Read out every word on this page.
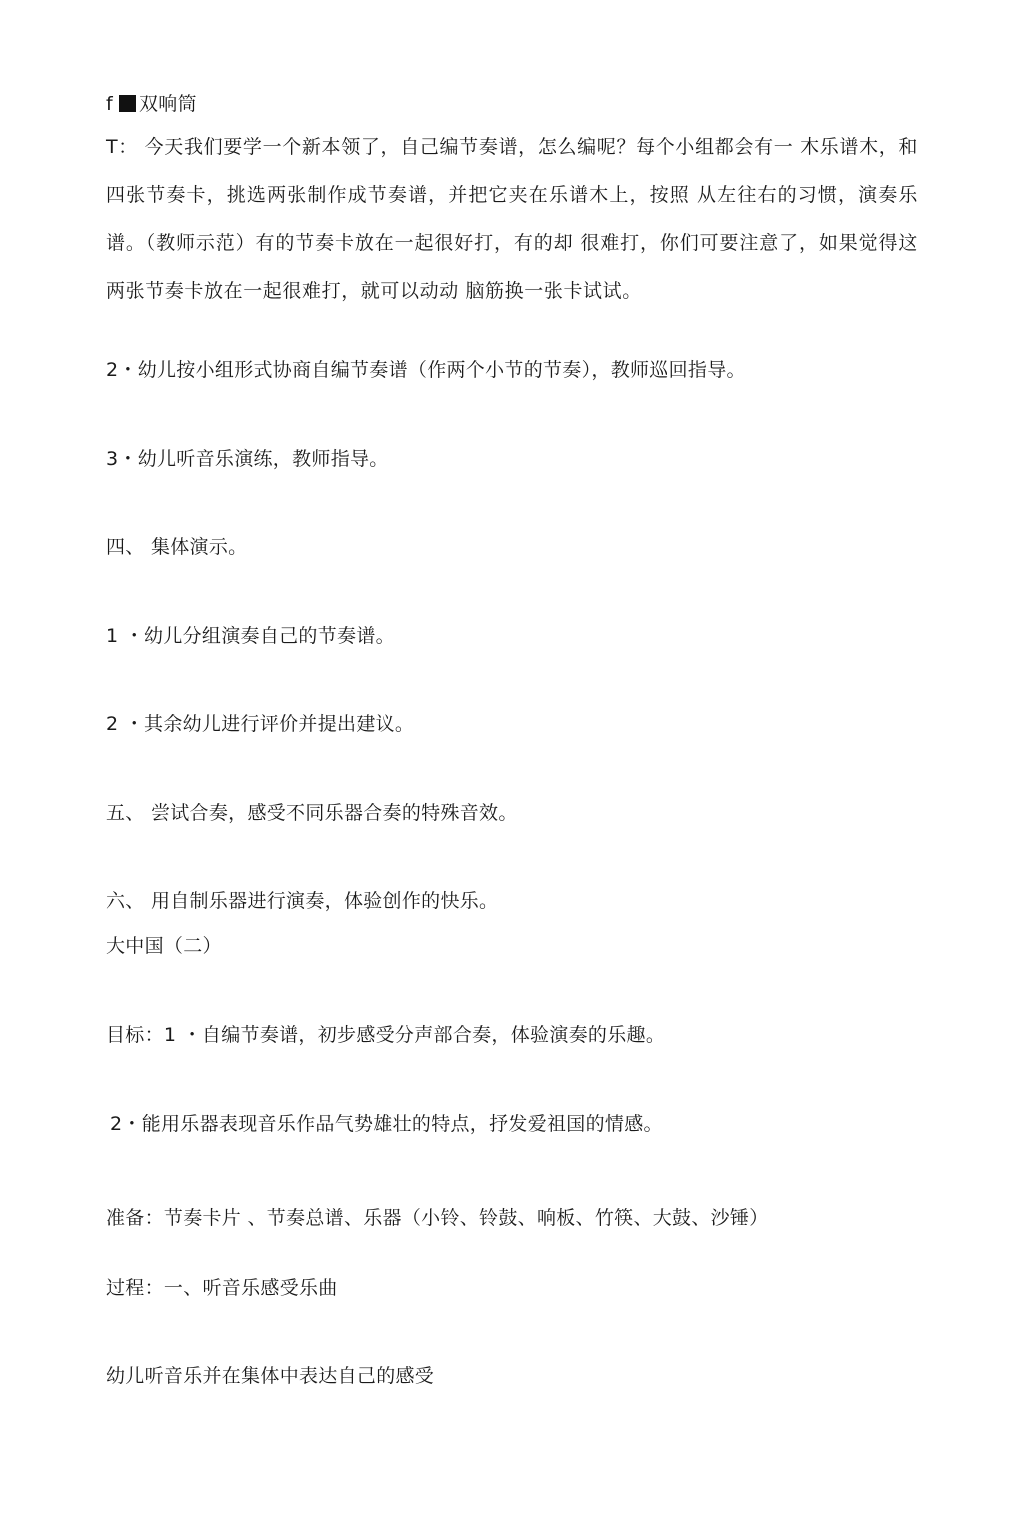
f 双响筒
T： 今天我们要学一个新本领了，自己编节奏谱，怎么编呢？每个小组都会有一 木乐谱木，和四张节奏卡，挑选两张制作成节奏谱，并把它夹在乐谱木上，按照 从左往右的习惯，演奏乐谱。（教师示范）有的节奏卡放在一起很好打，有的却 很难打，你们可要注意了，如果觉得这两张节奏卡放在一起很难打，就可以动动 脑筋换一张卡试试。
2・幼儿按小组形式协商自编节奏谱（作两个小节的节奏），教师巡回指导。
3・幼儿听音乐演练，教师指导。
四、 集体演示。
1 ・幼儿分组演奏自己的节奏谱。
2 ・其余幼儿进行评价并提出建议。
五、 尝试合奏，感受不同乐器合奏的特殊音效。
六、 用自制乐器进行演奏，体验创作的快乐。
大中国（二）
目标：1 ・自编节奏谱，初步感受分声部合奏，体验演奏的乐趣。
2・能用乐器表现音乐作品气势雄壮的特点，抒发爱祖国的情感。
准备：节奏卡片 、节奏总谱、乐器（小铃、铃鼓、响板、竹筷、大鼓、沙锤）
过程：一、听音乐感受乐曲
幼儿听音乐并在集体中表达自己的感受
